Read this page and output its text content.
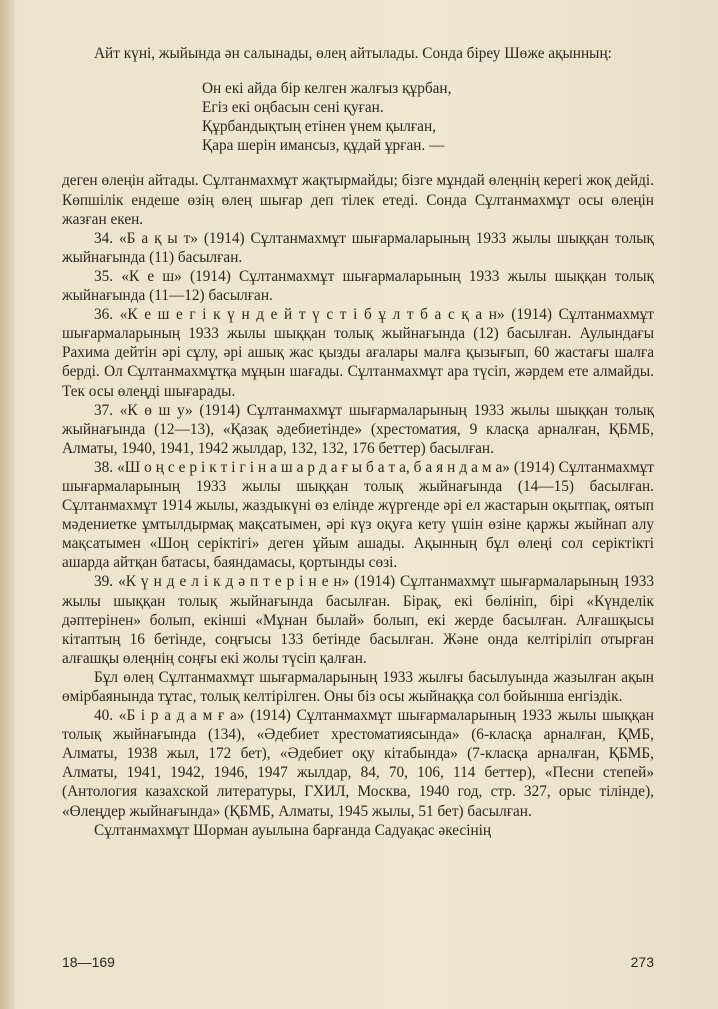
Айт күні, жыйында ән салынады, өлең айтылады. Сонда біреу Шөже ақынның:

Он екі айда бір келген жалғыз құрбан,
Егіз екі оңбасын сені қуған.
Құрбандықтың етінен үнем қылған,
Қара шерін имансыз, құдай ұрған. —

деген өлеңін айтады. Сұлтанмахмұт жақтырмайды; бізге мұндай өлеңнің керегі жоқ дейді. Көпшілік ендеше өзің өлең шығар деп тілек етеді. Сонда Сұлтанмахмұт осы өлеңін жазған екен.

34. «Б а қ ы т» (1914) Сұлтанмахмұт шығармаларының 1933 жылы шыққан толық жыйнағында (11) басылған.

35. «К е ш» (1914) Сұлтанмахмұт шығармаларының 1933 жылы шыққан толық жыйнағында (11—12) басылған.

36. «К е ш е г і к ү н д е й т ү с т і б ұ л т б а с қ а н» (1914) Сұлтанмахмұт шығармаларының 1933 жылы шыққан толық жыйнағында (12) басылған. Аулындағы Рахима дейтін әрі сұлу, әрі ашық жас қызды ағалары малға қызығып, 60 жастағы шалға берді. Ол Сұлтанмахмұтқа мұңын шағады. Сұлтанмахмұт ара түсіп, жәрдем ете алмайды. Тек осы өлеңді шығарады.

37. «К ө ш у» (1914) Сұлтанмахмұт шығармаларының 1933 жылы шыққан толық жыйнағында (12—13), «Қазақ әдебиетінде» (хрестоматия, 9 класқа арналған, ҚБМБ, Алматы, 1940, 1941, 1942 жылдар, 132, 132, 176 беттер) басылған.

38. «Ш о ң с е р і к т і г і н а ш а р д а ғ ы б а т а, б а я н д а м а» (1914) Сұлтанмахмұт шығармаларының 1933 жылы шыққан толық жыйнағында (14—15) басылған. Сұлтанмахмұт 1914 жылы, жаздыкүні өз елінде жүргенде әрі ел жастарын оқытпақ, оятып мәдениетке ұмтылдырмақ мақсатымен, әрі күз оқуға кету үшін өзіне қаржы жыйнап алу мақсатымен «Шоң серіктігі» деген ұйым ашады. Ақынның бұл өлеңі сол серіктікті ашарда айтқан батасы, баяндамасы, қортынды сөзі.

39. «К ү н д е л і к д ә п т е р і н е н» (1914) Сұлтанмахмұт шығармаларының 1933 жылы шыққан толық жыйнағында басылған. Бірақ, екі бөлініп, бірі «Күнделік дәптерінен» болып, екінші «Мұнан былай» болып, екі жерде басылған. Алғашқысы кітаптың 16 бетінде, соңғысы 133 бетінде басылған. Және онда келтіріліп отырған алғашқы өлеңнің соңғы екі жолы түсіп қалған.

Бұл өлең Сұлтанмахмұт шығармаларының 1933 жылғы басылуында жазылған ақын өмірбаянында тұтас, толық келтірілген. Оны біз осы жыйнаққа сол бойынша енгіздік.

40. «Б і р а д а м ғ а» (1914) Сұлтанмахмұт шығармаларының 1933 жылы шыққан толық жыйнағында (134), «Әдебиет хрестоматиясында» (6-класқа арналған, ҚМБ, Алматы, 1938 жыл, 172 бет), «Әдебиет оқу кітабында» (7-класқа арналған, ҚБМБ, Алматы, 1941, 1942, 1946, 1947 жылдар, 84, 70, 106, 114 беттер), «Песни степей» (Антология казахской литературы, ГХИЛ, Москва, 1940 год, стр. 327, орыс тілінде), «Өлеңдер жыйнағында» (ҚБМБ, Алматы, 1945 жылы, 51 бет) басылған.

Сұлтанмахмұт Шорман ауылына барғанда Садуақас әкесінің

18—169	273
